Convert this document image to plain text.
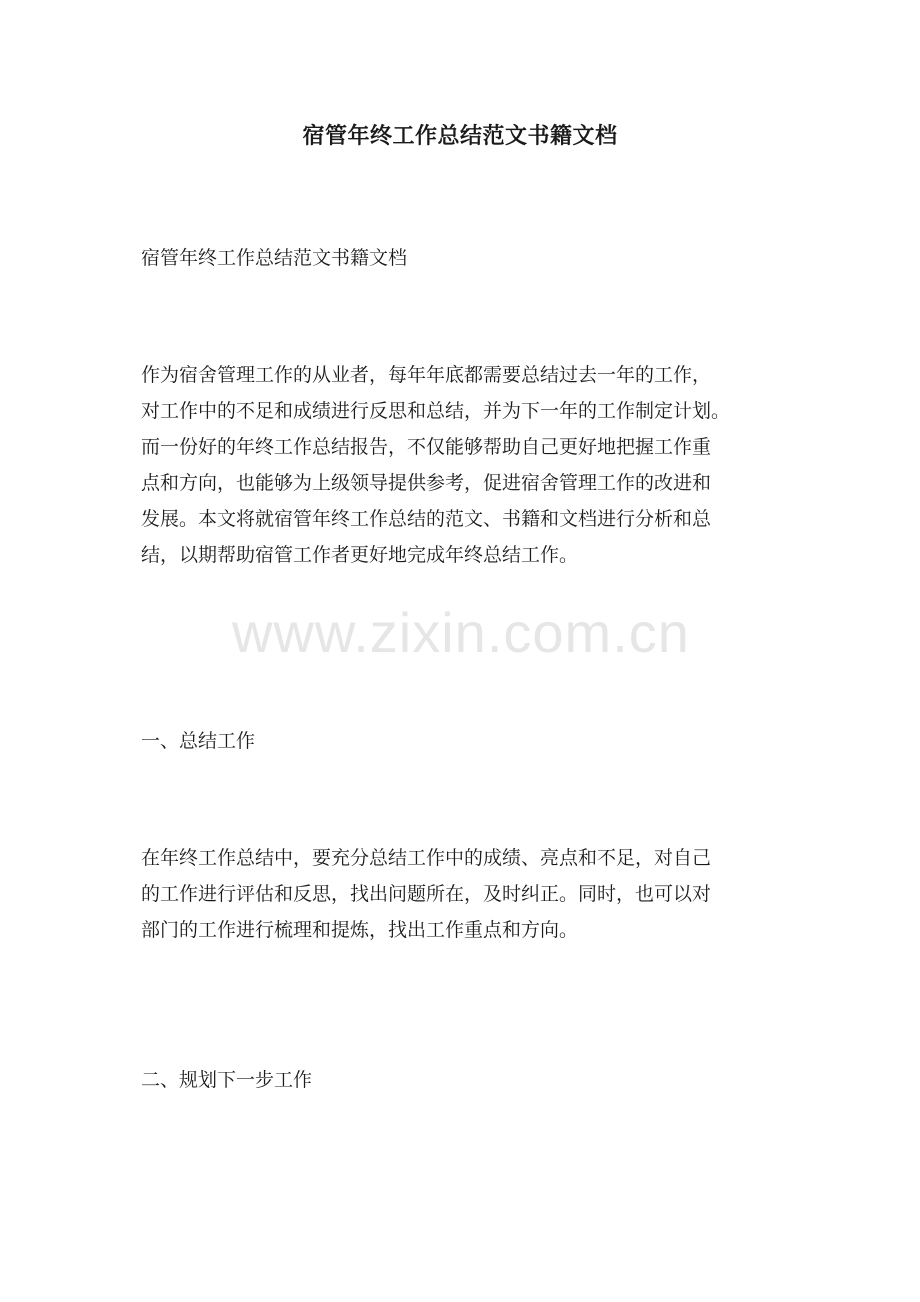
宿管年终工作总结范文书籍文档

宿管年终工作总结范文书籍文档

作为宿舍管理工作的从业者，每年年底都需要总结过去一年的工作，
对工作中的不足和成绩进行反思和总结，并为下一年的工作制定计划。
而一份好的年终工作总结报告，不仅能够帮助自己更好地把握工作重
点和方向，也能够为上级领导提供参考，促进宿舍管理工作的改进和
发展。本文将就宿管年终工作总结的范文、书籍和文档进行分析和总
结，以期帮助宿管工作者更好地完成年终总结工作。

一、总结工作

在年终工作总结中，要充分总结工作中的成绩、亮点和不足，对自己
的工作进行评估和反思，找出问题所在，及时纠正。同时，也可以对
部门的工作进行梳理和提炼，找出工作重点和方向。

二、规划下一步工作

www.zixin.com.cn
